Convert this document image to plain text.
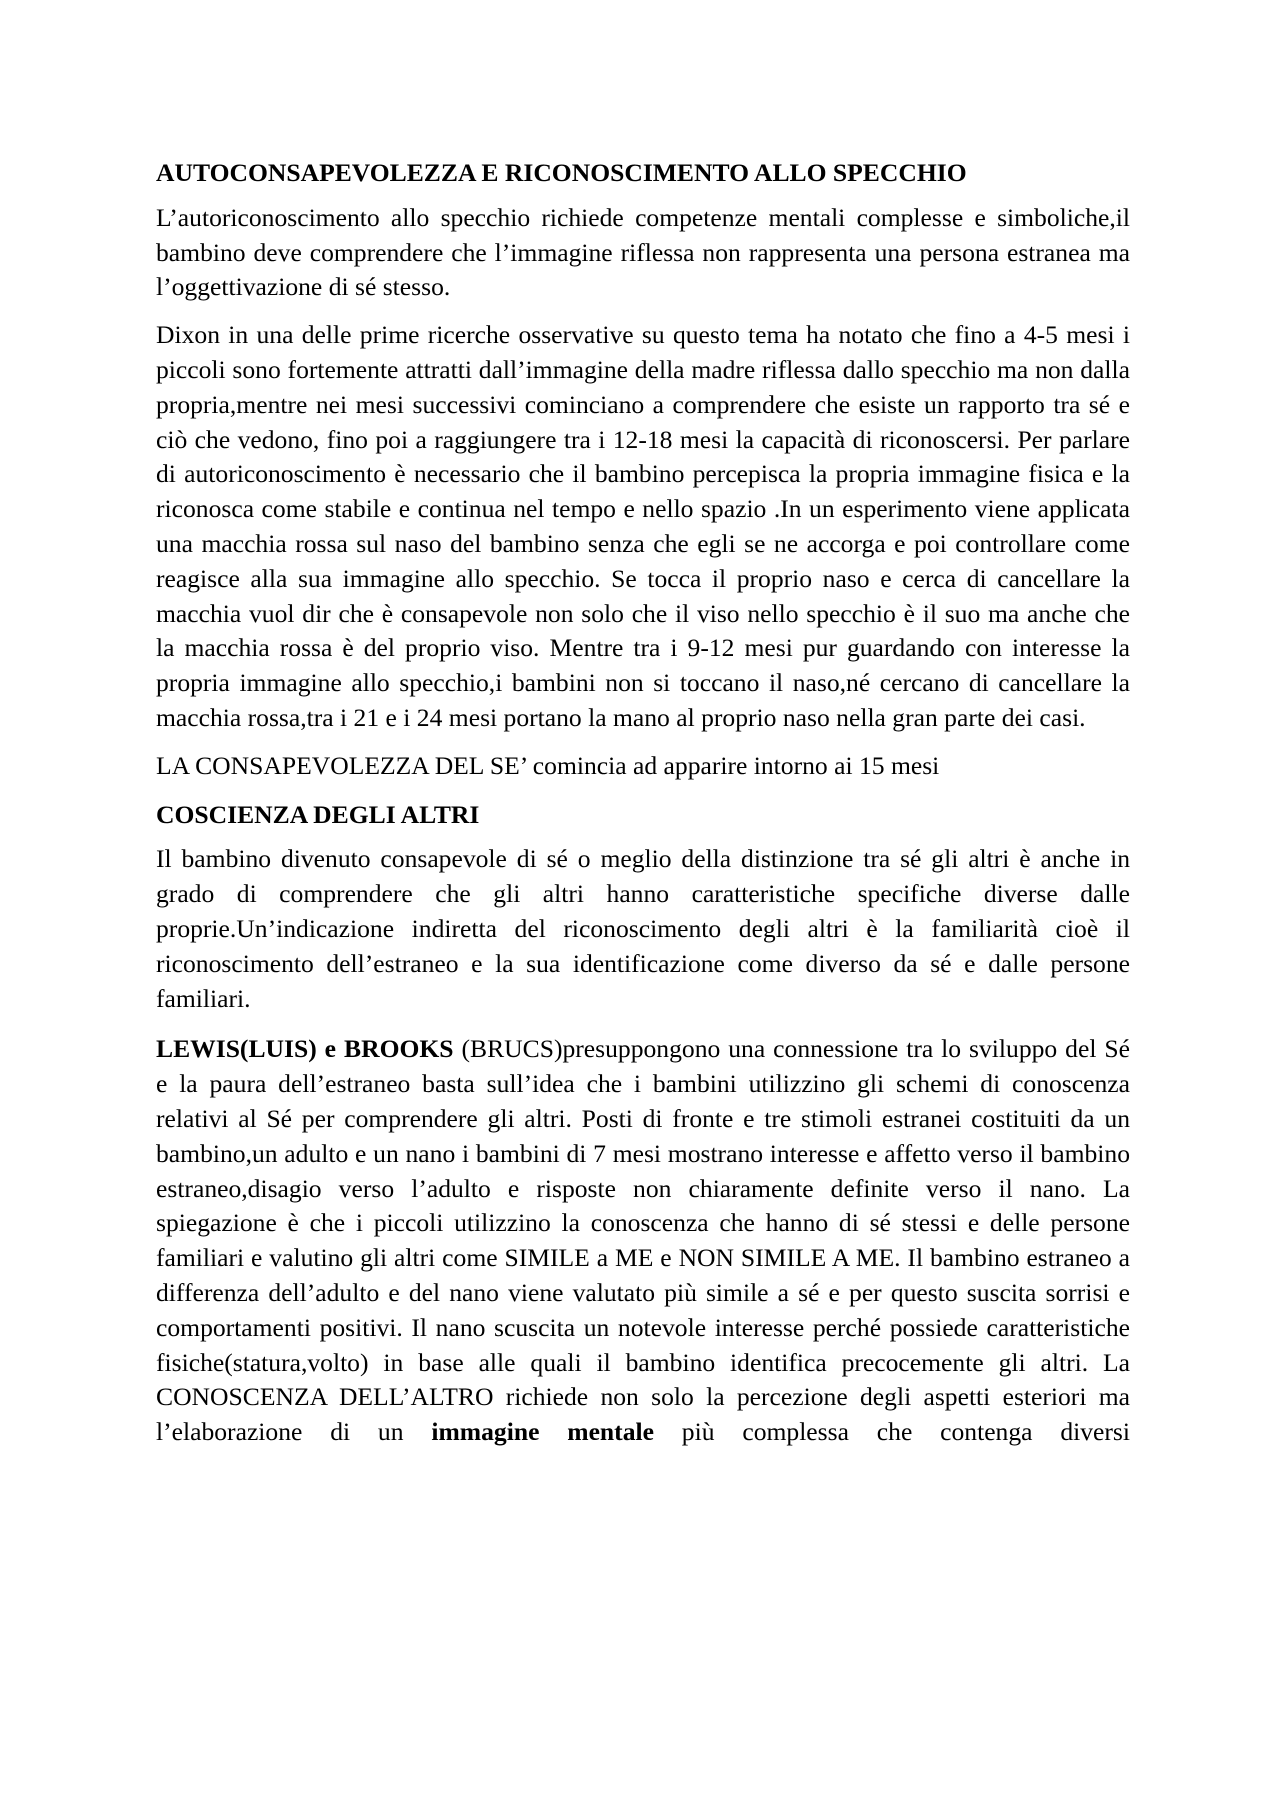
AUTOCONSAPEVOLEZZA E RICONOSCIMENTO ALLO SPECCHIO

L’autoriconoscimento allo specchio richiede competenze mentali complesse e simboliche,il bambino deve comprendere che l’immagine riflessa non rappresenta una persona estranea ma l’oggettivazione di sé stesso.

Dixon in una delle prime ricerche osservative su questo tema ha notato che fino a 4-5 mesi i piccoli sono fortemente attratti dall’immagine della madre riflessa dallo specchio ma non dalla propria,mentre nei mesi successivi cominciano a comprendere che esiste un rapporto tra sé e ciò che vedono, fino poi a raggiungere tra i 12-18 mesi la capacità di riconoscersi. Per parlare di autoriconoscimento è necessario che il bambino percepisca la propria immagine fisica e la riconosca come stabile e continua nel tempo e nello spazio .In un esperimento viene applicata una macchia rossa sul naso del bambino senza che egli se ne accorga e poi controllare come reagisce alla sua immagine allo specchio. Se tocca il proprio naso e cerca di cancellare la macchia vuol dir che è consapevole non solo che il viso nello specchio è il suo ma anche che la macchia rossa è del proprio viso. Mentre tra i 9-12 mesi pur guardando con interesse la propria immagine allo specchio,i bambini non si toccano il naso,né cercano di cancellare la macchia rossa,tra i 21 e i 24 mesi portano la mano al proprio naso nella gran parte dei casi.

LA CONSAPEVOLEZZA DEL SE’ comincia ad apparire intorno ai 15 mesi

COSCIENZA DEGLI ALTRI

Il bambino divenuto consapevole di sé o meglio della distinzione tra sé gli altri è anche in grado di comprendere che gli altri hanno caratteristiche specifiche diverse dalle proprie.Un’indicazione indiretta del riconoscimento degli altri è la familiarità cioè il riconoscimento dell’estraneo e la sua identificazione come diverso da sé e dalle persone familiari.

LEWIS(LUIS) e BROOKS (BRUCS)presuppongono una connessione tra lo sviluppo del Sé e la paura dell’estraneo basta sull’idea che i bambini utilizzino gli schemi di conoscenza relativi al Sé per comprendere gli altri. Posti di fronte e tre stimoli estranei costituiti da un bambino,un adulto e un nano i bambini di 7 mesi mostrano interesse e affetto verso il bambino estraneo,disagio verso l’adulto e risposte non chiaramente definite verso il nano. La spiegazione è che i piccoli utilizzino la conoscenza che hanno di sé stessi e delle persone familiari e valutino gli altri come SIMILE a ME e NON SIMILE A ME. Il bambino estraneo a differenza dell’adulto e del nano viene valutato più simile a sé e per questo suscita sorrisi e comportamenti positivi. Il nano scuscita un notevole interesse perché possiede caratteristiche fisiche(statura,volto) in base alle quali il bambino identifica precocemente gli altri. La CONOSCENZA DELL’ALTRO richiede non solo la percezione degli aspetti esteriori ma l’elaborazione di un immagine mentale più complessa che contenga diversi
